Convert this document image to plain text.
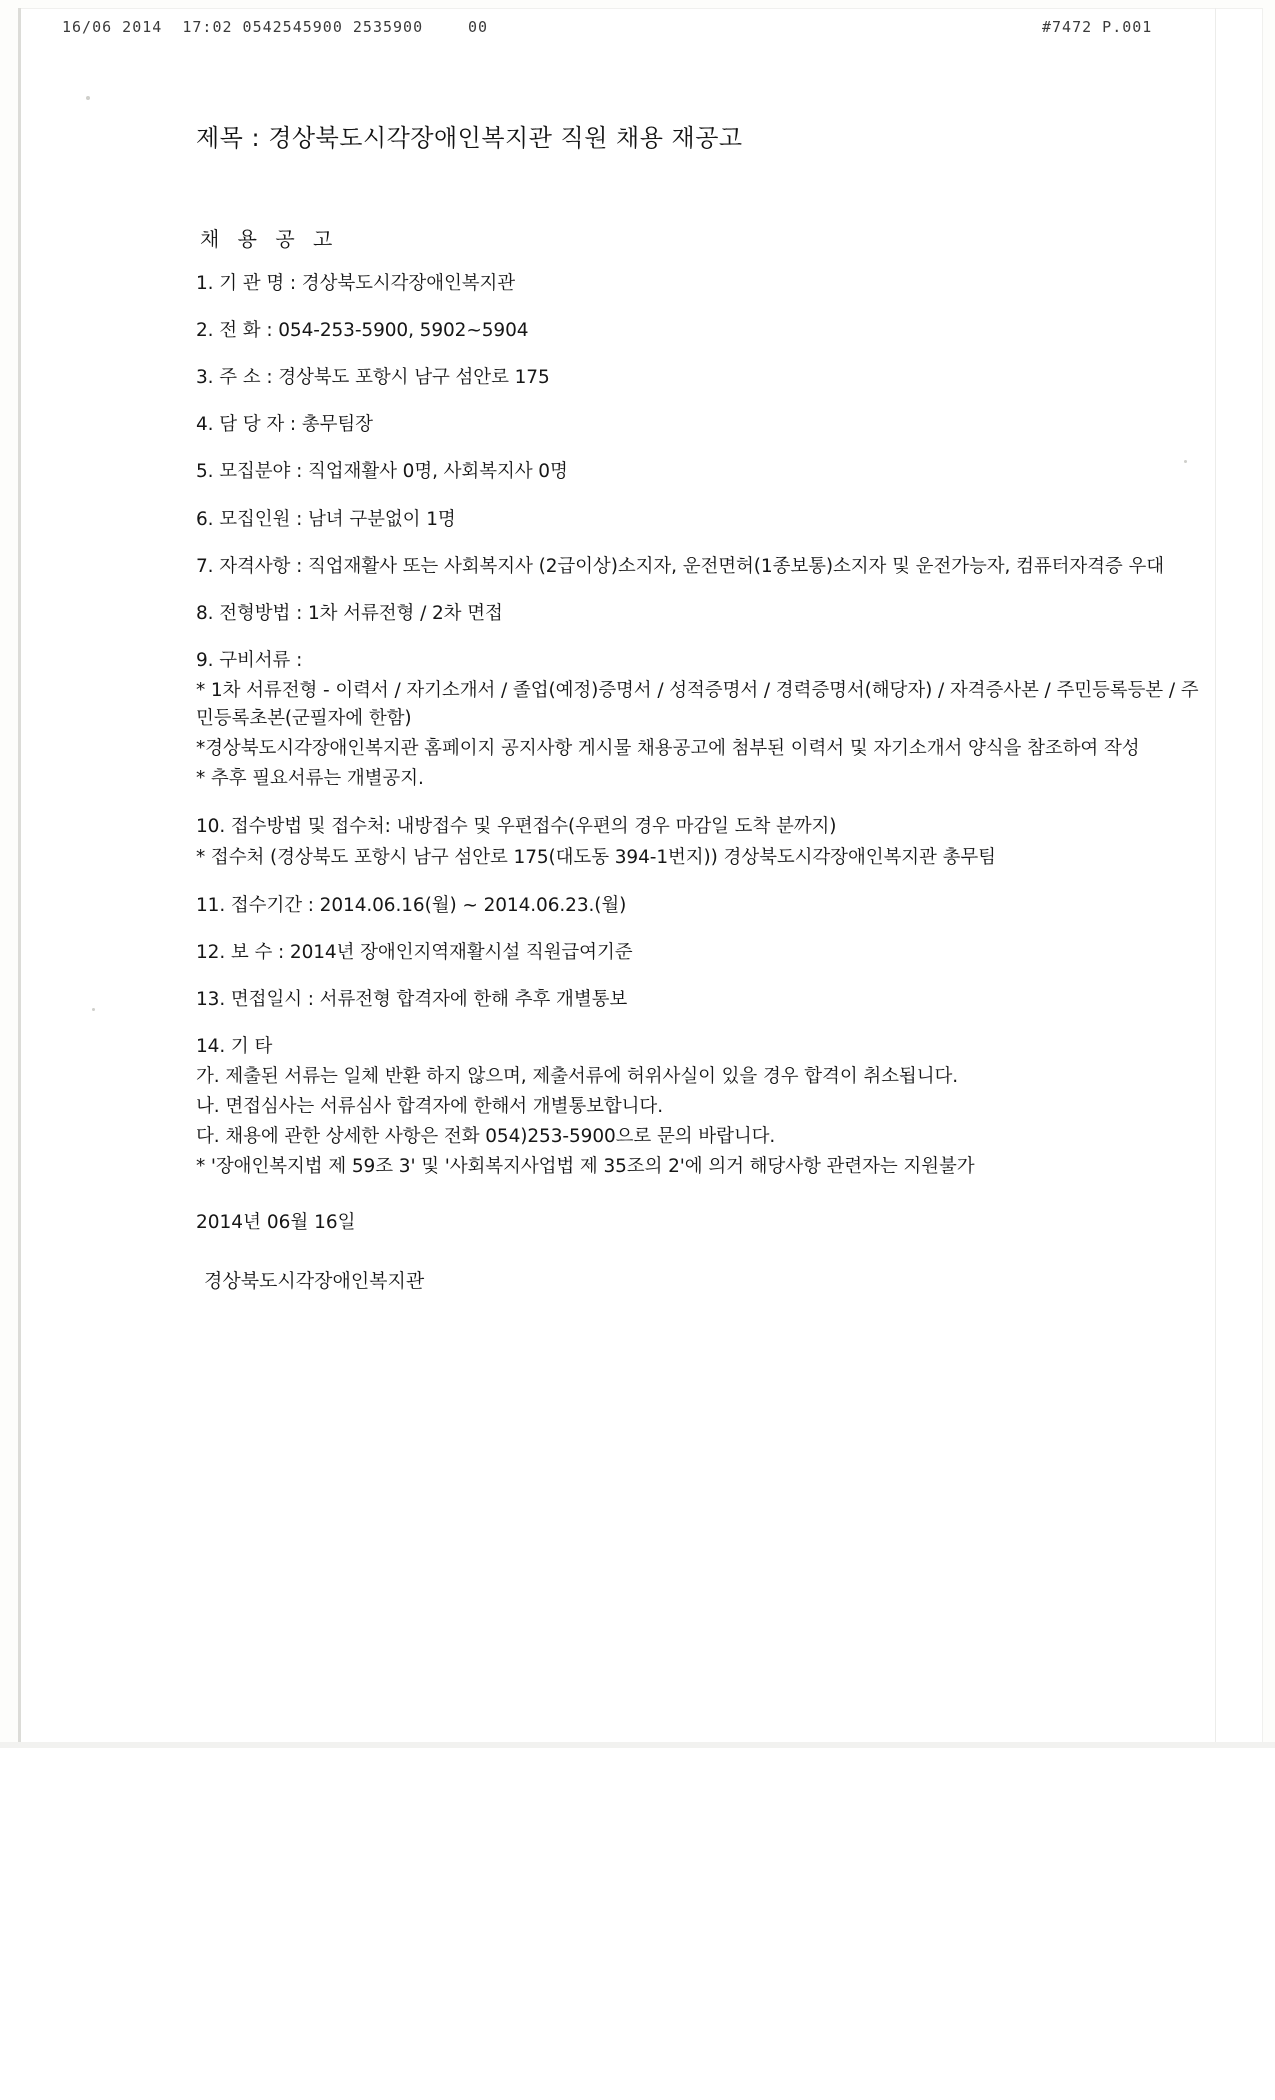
16/06 2014  17:02 0542545900 2535900	00	#7472 P.001
제목 : 경상북도시각장애인복지관 직원 채용 재공고
채 용 공 고
1. 기 관 명 : 경상북도시각장애인복지관
2. 전 화 : 054-253-5900, 5902~5904
3. 주 소 : 경상북도 포항시 남구 섬안로 175
4. 담 당 자 : 총무팀장
5. 모집분야 : 직업재활사 0명, 사회복지사 0명
6. 모집인원 : 남녀 구분없이 1명
7. 자격사항 : 직업재활사 또는 사회복지사 (2급이상)소지자, 운전면허(1종보통)소지자 및 운전가능자, 컴퓨터자격증 우대
8. 전형방법 : 1차 서류전형 / 2차 면접
9. 구비서류 :
* 1차 서류전형 - 이력서 / 자기소개서 / 졸업(예정)증명서 / 성적증명서 / 경력증명서(해당자) / 자격증사본 / 주민등록등본 / 주민등록초본(군필자에 한함)
*경상북도시각장애인복지관 홈페이지 공지사항 게시물 채용공고에 첨부된 이력서 및 자기소개서 양식을 참조하여 작성
* 추후 필요서류는 개별공지.
10. 접수방법 및 접수처: 내방접수 및 우편접수(우편의 경우 마감일 도착 분까지)
* 접수처 (경상북도 포항시 남구 섬안로 175(대도동 394-1번지)) 경상북도시각장애인복지관 총무팀
11. 접수기간 : 2014.06.16(월) ~ 2014.06.23.(월)
12. 보 수 : 2014년 장애인지역재활시설 직원급여기준
13. 면접일시 : 서류전형 합격자에 한해 추후 개별통보
14. 기 타
가. 제출된 서류는 일체 반환 하지 않으며, 제출서류에 허위사실이 있을 경우 합격이 취소됩니다.
나. 면접심사는 서류심사 합격자에 한해서 개별통보합니다.
다. 채용에 관한 상세한 사항은 전화 054)253-5900으로 문의 바랍니다.
* '장애인복지법 제 59조 3' 및 '사회복지사업법 제 35조의 2'에 의거 해당사항 관련자는 지원불가
2014년 06월 16일
경상북도시각장애인복지관
